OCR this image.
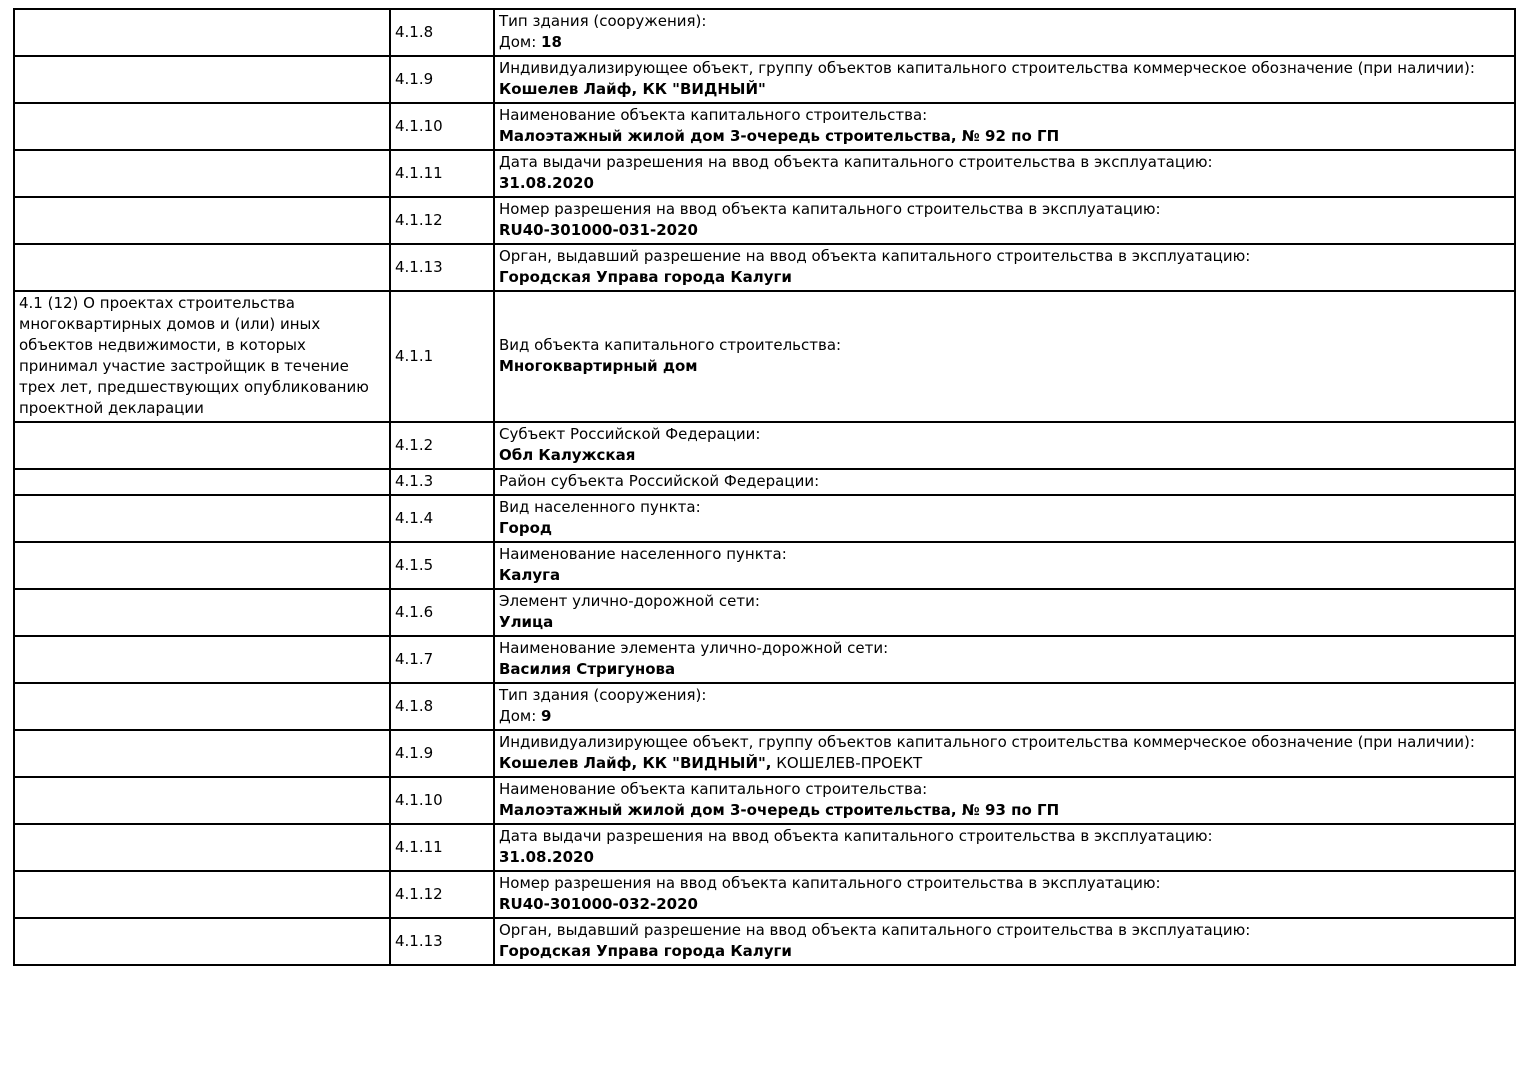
	4.1.8	Тип здания (сооружения):
Дом: 18

	4.1.9	Индивидуализирующее объект, группу объектов капитального строительства коммерческое обозначение (при наличии):
Кошелев Лайф, КК "ВИДНЫЙ"

	4.1.10	Наименование объекта капитального строительства:
Малоэтажный жилой дом 3-очередь строительства, № 92 по ГП

	4.1.11	Дата выдачи разрешения на ввод объекта капитального строительства в эксплуатацию:
31.08.2020

	4.1.12	Номер разрешения на ввод объекта капитального строительства в эксплуатацию:
RU40-301000-031-2020

	4.1.13	Орган, выдавший разрешение на ввод объекта капитального строительства в эксплуатацию:
Городская Управа города Калуги

4.1 (12) О проектах строительства многоквартирных домов и (или) иных объектов недвижимости, в которых принимал участие застройщик в течение трех лет, предшествующих опубликованию проектной декларации	4.1.1	Вид объекта капитального строительства:
Многоквартирный дом

	4.1.2	Субъект Российской Федерации:
Обл Калужская

	4.1.3	Район субъекта Российской Федерации:

	4.1.4	Вид населенного пункта:
Город

	4.1.5	Наименование населенного пункта:
Калуга

	4.1.6	Элемент улично-дорожной сети:
Улица

	4.1.7	Наименование элемента улично-дорожной сети:
Василия Стригунова

	4.1.8	Тип здания (сооружения):
Дом: 9

	4.1.9	Индивидуализирующее объект, группу объектов капитального строительства коммерческое обозначение (при наличии):
Кошелев Лайф, КК "ВИДНЫЙ", КОШЕЛЕВ-ПРОЕКТ

	4.1.10	Наименование объекта капитального строительства:
Малоэтажный жилой дом 3-очередь строительства, № 93 по ГП

	4.1.11	Дата выдачи разрешения на ввод объекта капитального строительства в эксплуатацию:
31.08.2020

	4.1.12	Номер разрешения на ввод объекта капитального строительства в эксплуатацию:
RU40-301000-032-2020

	4.1.13	Орган, выдавший разрешение на ввод объекта капитального строительства в эксплуатацию:
Городская Управа города Калуги
